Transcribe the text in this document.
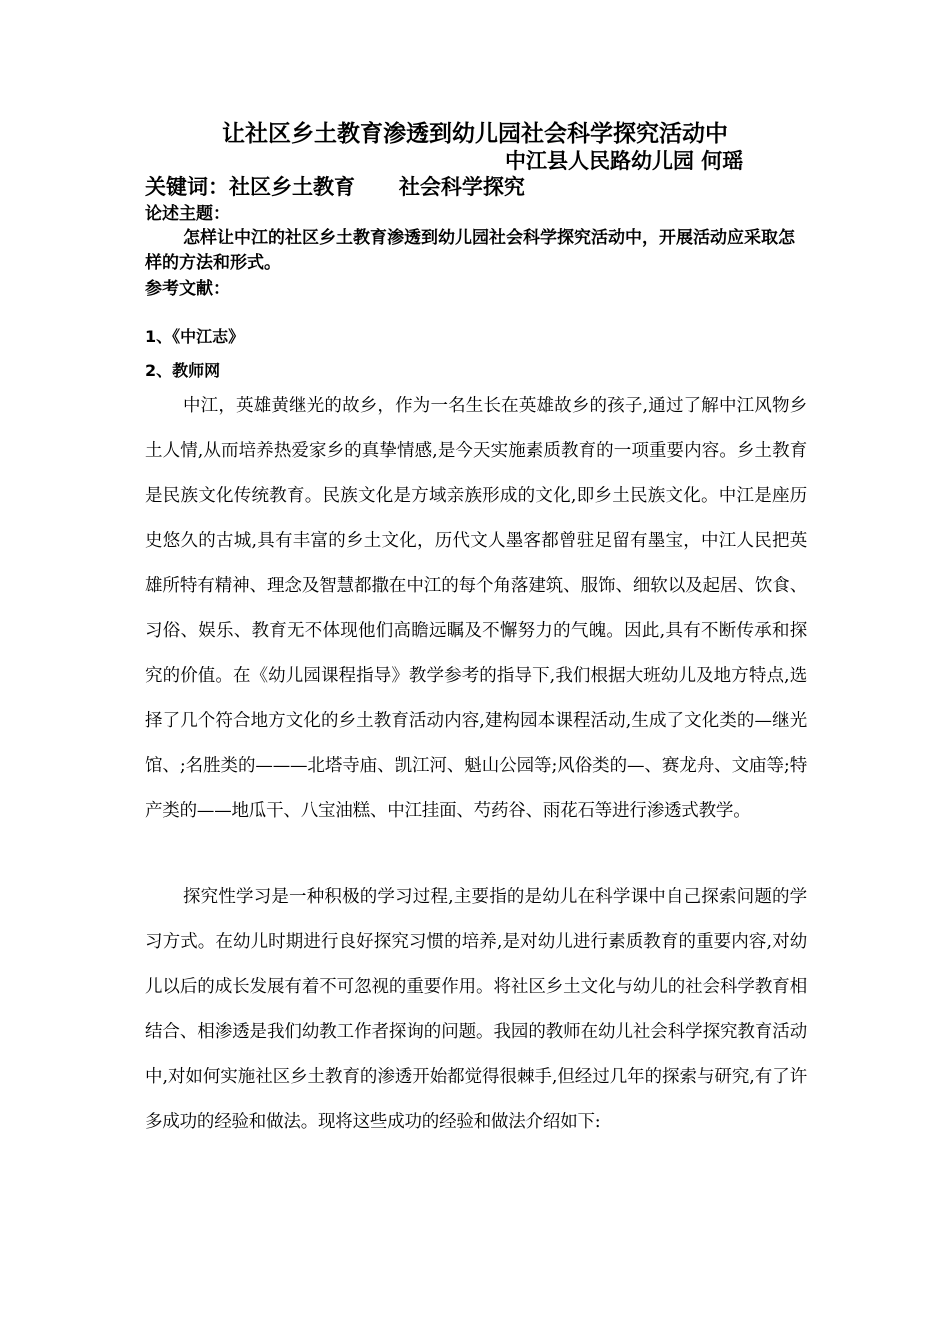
让社区乡土教育渗透到幼儿园社会科学探究活动中
中江县人民路幼儿园 何瑶
关键词：社区乡土教育      社会科学探究
论述主题：
怎样让中江的社区乡土教育渗透到幼儿园社会科学探究活动中，开展活动应采取怎样的方法和形式。
参考文献：
1、《中江志》
2、教师网
中江，英雄黄继光的故乡，作为一名生长在英雄故乡的孩子,通过了解中江风物乡土人情,从而培养热爱家乡的真挚情感,是今天实施素质教育的一项重要内容。乡土教育是民族文化传统教育。民族文化是方域亲族形成的文化,即乡土民族文化。中江是座历史悠久的古城,具有丰富的乡土文化，历代文人墨客都曾驻足留有墨宝，中江人民把英雄所特有精神、理念及智慧都撒在中江的每个角落建筑、服饰、细软以及起居、饮食、习俗、娱乐、教育无不体现他们高瞻远瞩及不懈努力的气魄。因此,具有不断传承和探究的价值。在《幼儿园课程指导》教学参考的指导下,我们根据大班幼儿及地方特点,选择了几个符合地方文化的乡土教育活动内容,建构园本课程活动,生成了文化类的—继光馆、;名胜类的———北塔寺庙、凯江河、魁山公园等;风俗类的—、赛龙舟、文庙等;特产类的——地瓜干、八宝油糕、中江挂面、芍药谷、雨花石等进行渗透式教学。
探究性学习是一种积极的学习过程,主要指的是幼儿在科学课中自己探索问题的学习方式。在幼儿时期进行良好探究习惯的培养,是对幼儿进行素质教育的重要内容,对幼儿以后的成长发展有着不可忽视的重要作用。将社区乡土文化与幼儿的社会科学教育相结合、相渗透是我们幼教工作者探询的问题。我园的教师在幼儿社会科学探究教育活动中,对如何实施社区乡土教育的渗透开始都觉得很棘手,但经过几年的探索与研究,有了许多成功的经验和做法。现将这些成功的经验和做法介绍如下:
